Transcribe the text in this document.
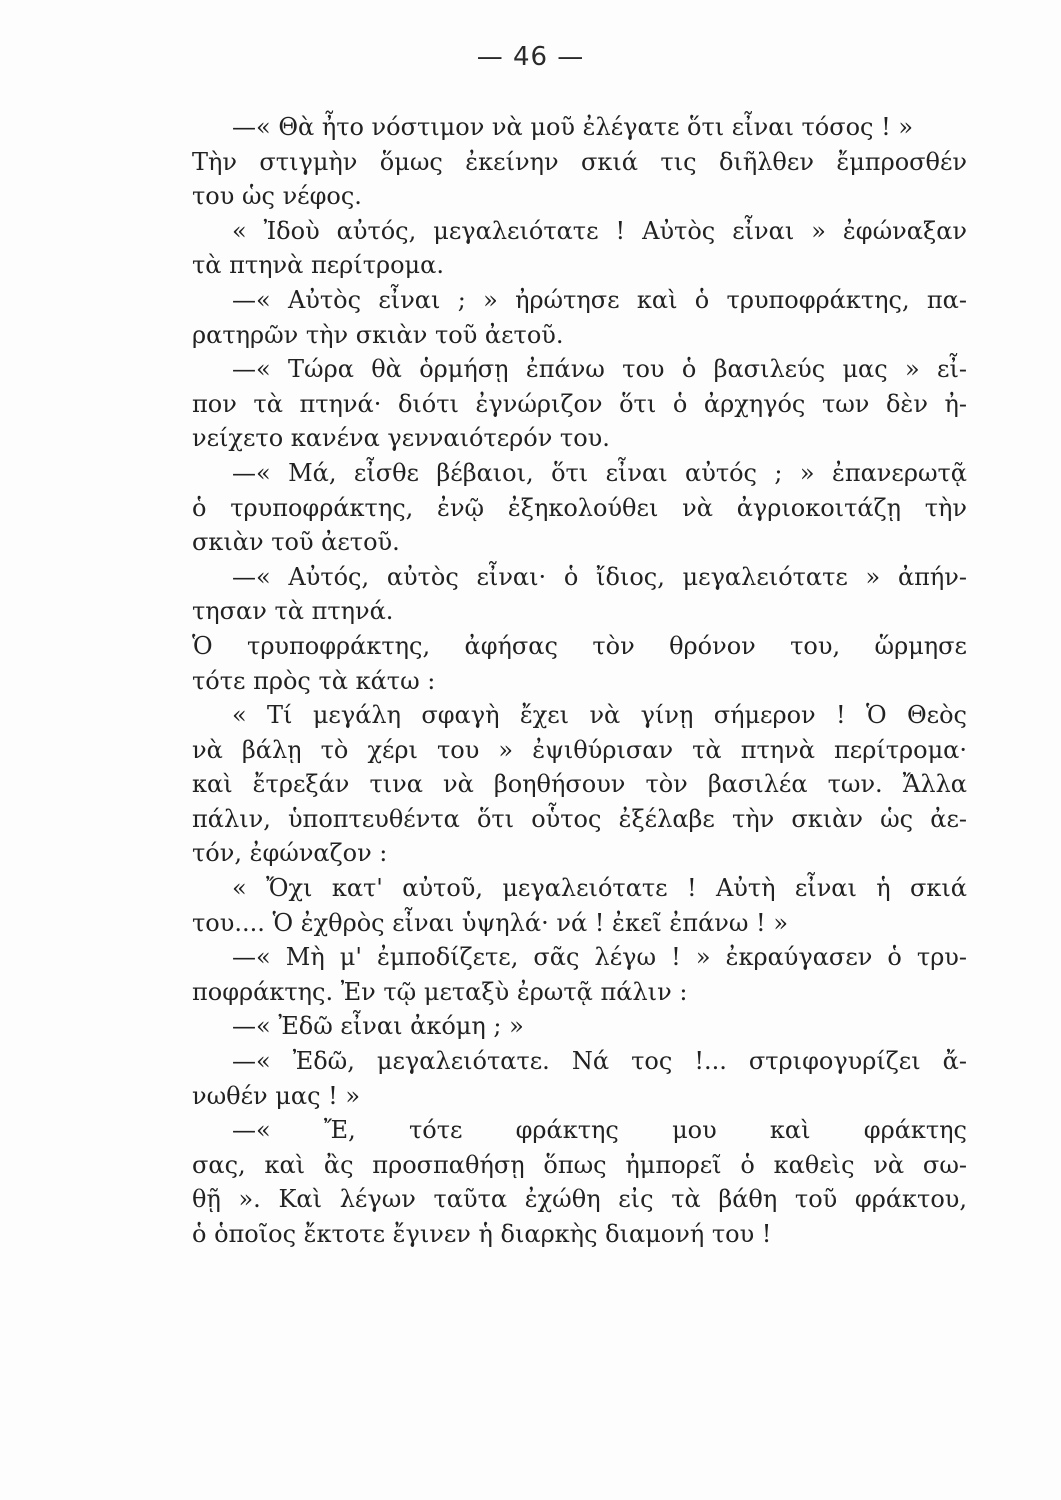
— 46 —
—« Θὰ ἦτο νόστιμον νὰ μοῦ ἐλέγατε ὅτι εἶναι τόσος ! »
Τὴν στιγμὴν ὅμως ἐκείνην σκιά τις διῆλθεν ἔμπροσθέν
του ὡς νέφος.
« Ἰδοὺ αὐτός, μεγαλειότατε ! Αὐτὸς εἶναι » ἐφώναξαν
τὰ πτηνὰ περίτρομα.
—« Αὐτὸς εἶναι ; » ἠρώτησε καὶ ὁ τρυποφράκτης, πα-
ρατηρῶν τὴν σκιὰν τοῦ ἀετοῦ.
—« Τώρα θὰ ὁρμήσῃ ἐπάνω του ὁ βασιλεύς μας » εἶ-
πον τὰ πτηνά· διότι ἐγνώριζον ὅτι ὁ ἀρχηγός των δὲν ἠ-
νείχετο κανένα γενναιότερόν του.
—« Μά, εἶσθε βέβαιοι, ὅτι εἶναι αὐτός ; » ἐπανερωτᾷ
ὁ τρυποφράκτης, ἐνῷ ἐξηκολούθει νὰ ἀγριοκοιτάζῃ τὴν
σκιὰν τοῦ ἀετοῦ.
—« Αὐτός, αὐτὸς εἶναι· ὁ ἴδιος, μεγαλειότατε » ἀπήν-
τησαν τὰ πτηνά.
Ὁ τρυποφράκτης, ἀφήσας τὸν θρόνον του, ὥρμησε
τότε πρὸς τὰ κάτω :
« Τί μεγάλη σφαγὴ ἔχει νὰ γίνῃ σήμερον ! Ὁ Θεὸς
νὰ βάλῃ τὸ χέρι του » ἐψιθύρισαν τὰ πτηνὰ περίτρομα·
καὶ ἔτρεξάν τινα νὰ βοηθήσουν τὸν βασιλέα των. Ἄλλα
πάλιν, ὑποπτευθέντα ὅτι οὗτος ἐξέλαβε τὴν σκιὰν ὡς ἀε-
τόν, ἐφώναζον :
« Ὄχι κατ' αὐτοῦ, μεγαλειότατε ! Αὐτὴ εἶναι ἡ σκιά
του.... Ὁ ἐχθρὸς εἶναι ὑψηλά· νά ! ἐκεῖ ἐπάνω ! »
—« Μὴ μ' ἐμποδίζετε, σᾶς λέγω ! » ἐκραύγασεν ὁ τρυ-
ποφράκτης. Ἐν τῷ μεταξὺ ἐρωτᾷ πάλιν :
—« Ἐδῶ εἶναι ἀκόμη ; »
—« Ἐδῶ, μεγαλειότατε. Νά τος !... στριφογυρίζει ἄ-
νωθέν μας ! »
—« Ἔ, τότε φράκτης μου καὶ φράκτης
σας, καὶ ἂς προσπαθήσῃ ὅπως ἠμπορεῖ ὁ καθεὶς νὰ σω-
θῇ ». Καὶ λέγων ταῦτα ἐχώθη εἰς τὰ βάθη τοῦ φράκτου,
ὁ ὁποῖος ἔκτοτε ἔγινεν ἡ διαρκὴς διαμονή του !
